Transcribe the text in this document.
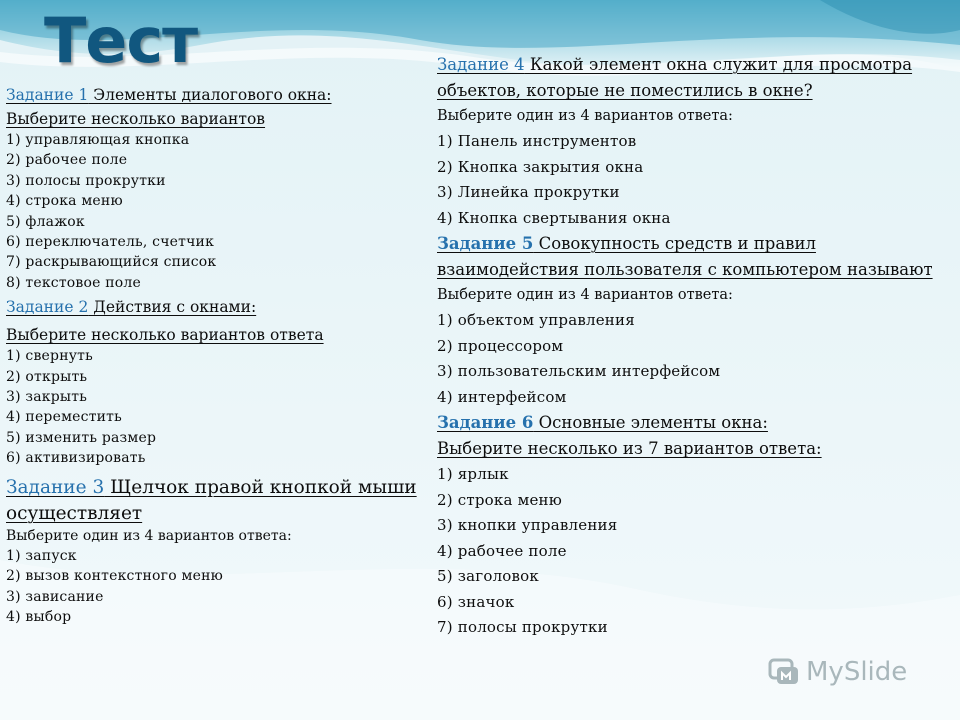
Тест
Задание 1 Элементы диалогового окна:
Выберите несколько вариантов
1) управляющая кнопка
2) рабочее поле
3) полосы прокрутки
4) строка меню
5) флажок
6) переключатель, счетчик
7) раскрывающийся список
8) текстовое поле
Задание 2 Действия с окнами:
Выберите несколько вариантов ответа
1) свернуть
2) открыть
3) закрыть
4) переместить
5) изменить размер
6) активизировать
Задание 3 Щелчок правой кнопкой мыши осуществляет
Выберите один из 4 вариантов ответа:
1) запуск
2) вызов контекстного меню
3) зависание
4) выбор
Задание 4 Какой элемент окна служит для просмотра объектов, которые не поместились в окне?
Выберите один из 4 вариантов ответа:
1) Панель инструментов
2) Кнопка закрытия окна
3) Линейка прокрутки
4) Кнопка свертывания окна
Задание 5 Совокупность средств и правил взаимодействия пользователя с компьютером называют
Выберите один из 4 вариантов ответа:
1) объектом управления
2) процессором
3) пользовательским интерфейсом
4) интерфейсом
Задание 6 Основные элементы окна:
Выберите несколько из 7 вариантов ответа:
1) ярлык
2) строка меню
3) кнопки управления
4) рабочее поле
5) заголовок
6) значок
7) полосы прокрутки
MySlide
